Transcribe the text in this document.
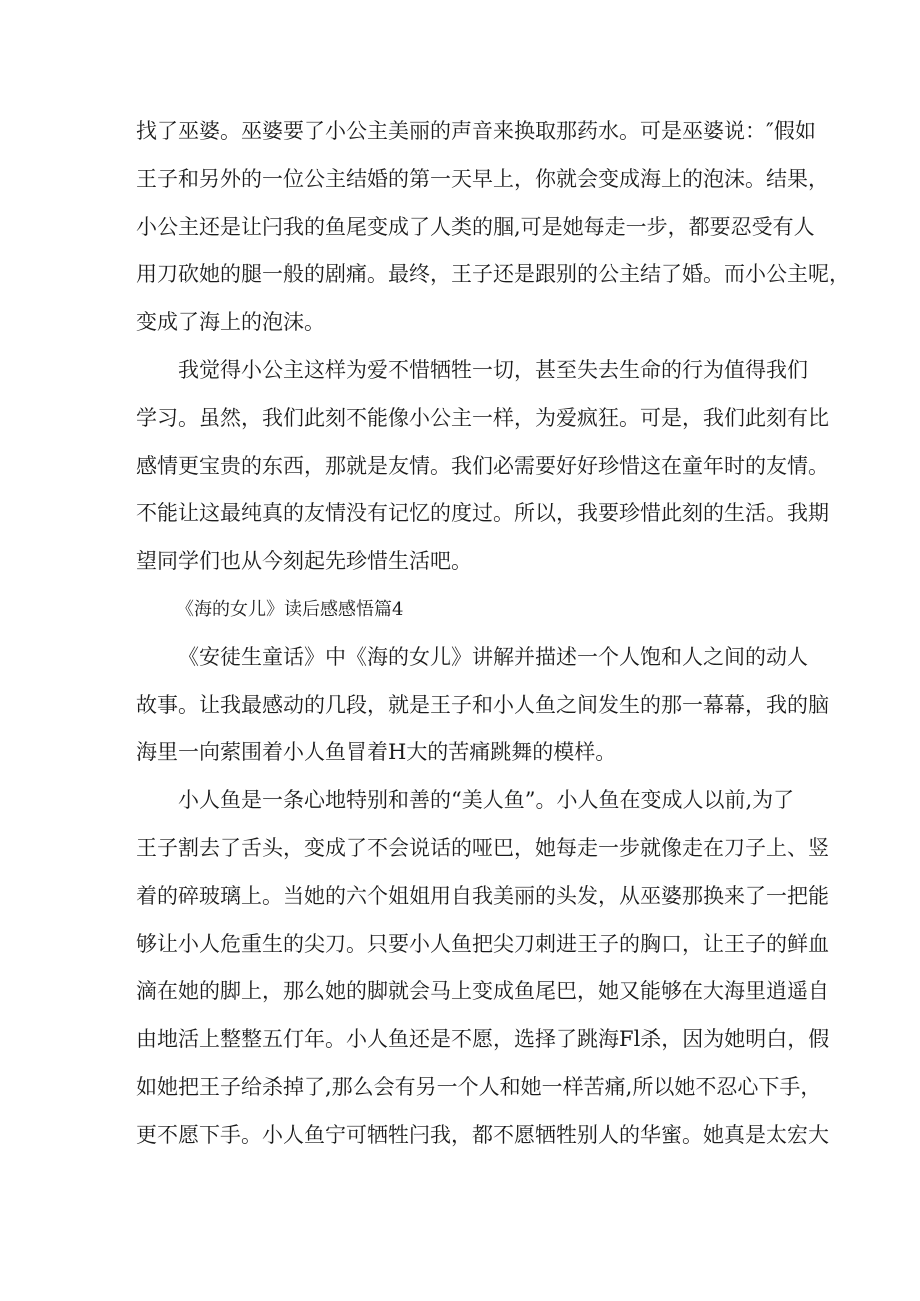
找了巫婆。巫婆要了小公主美丽的声音来换取那药水。可是巫婆说：″假如
王子和另外的一位公主结婚的第一天早上，你就会变成海上的泡沫。结果，
小公主还是让闩我的鱼尾变成了人类的腘,可是她每走一步，都要忍受有人
用刀砍她的腿一般的剧痛。最终，王子还是跟别的公主结了婚。而小公主呢，
变成了海上的泡沫。
我觉得小公主这样为爱不惜牺牲一切，甚至失去生命的行为值得我们
学习。虽然，我们此刻不能像小公主一样，为爱疯狂。可是，我们此刻有比
感情更宝贵的东西，那就是友情。我们必需要好好珍惜这在童年时的友情。
不能让这最纯真的友情没有记忆的度过。所以，我要珍惜此刻的生活。我期
望同学们也从今刻起先珍惜生活吧。
《海的女儿》读后感感悟篇4
《安徒生童话》中《海的女儿》讲解并描述一个人饱和人之间的动人
故事。让我最感动的几段，就是王子和小人鱼之间发生的那一幕幕，我的脑
海里一向萦围着小人鱼冒着H大的苦痛跳舞的模样。
小人鱼是一条心地特别和善的“美人鱼”。小人鱼在变成人以前,为了
王子割去了舌头，变成了不会说话的哑巴，她每走一步就像走在刀子上、竖
着的碎玻璃上。当她的六个姐姐用自我美丽的头发，从巫婆那换来了一把能
够让小人危重生的尖刀。只要小人鱼把尖刀刺进王子的胸口，让王子的鲜血
滴在她的脚上，那么她的脚就会马上变成鱼尾巴，她又能够在大海里逍遥自
由地活上整整五仃年。小人鱼还是不愿，选择了跳海Fl杀，因为她明白，假
如她把王子给杀掉了,那么会有另一个人和她一样苦痛,所以她不忍心下手，
更不愿下手。小人鱼宁可牺牲闩我，都不愿牺牲别人的华蜜。她真是太宏大
